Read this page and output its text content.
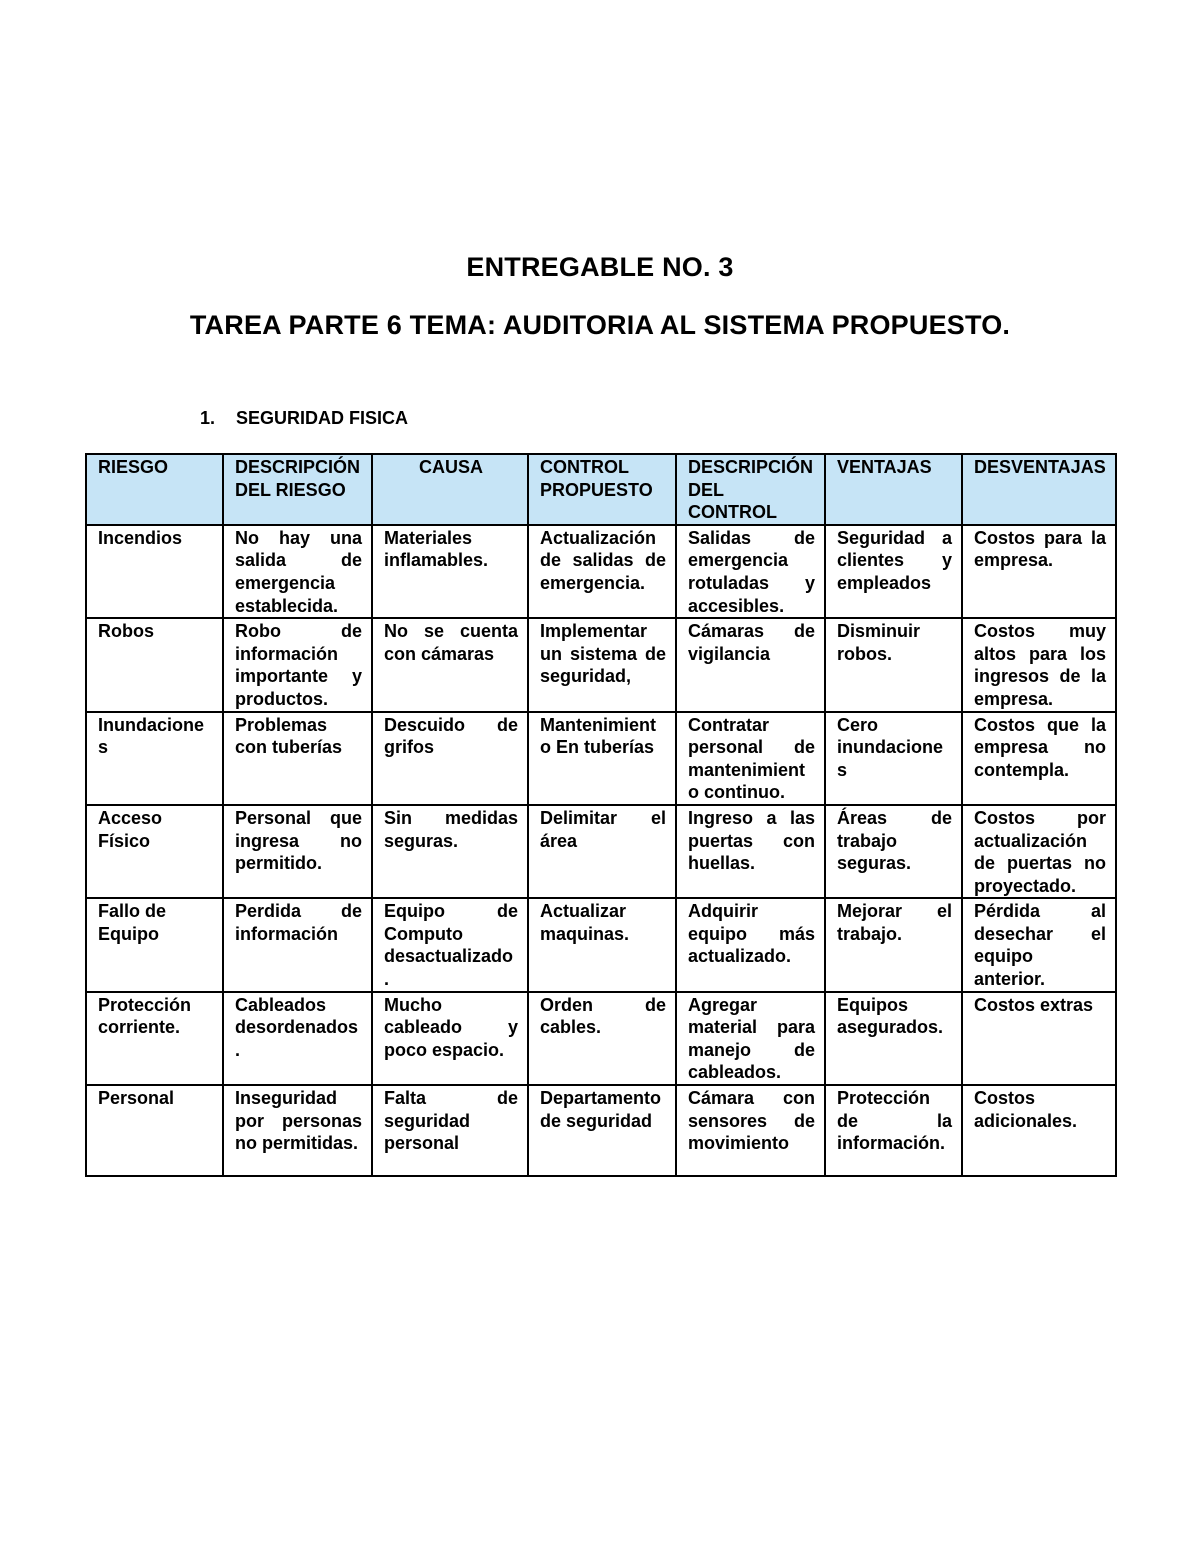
ENTREGABLE NO. 3
TAREA PARTE 6 TEMA: AUDITORIA AL SISTEMA PROPUESTO.
1.	SEGURIDAD FISICA
RIESGO	DESCRIPCIÓN DEL RIESGO	CAUSA	CONTROL PROPUESTO	DESCRIPCIÓN DEL CONTROL	VENTAJAS	DESVENTAJAS
Incendios	No hay una salida de emergencia establecida.	Materiales inflamables.	Actualización de salidas de emergencia.	Salidas de emergencia rotuladas y accesibles.	Seguridad a clientes y empleados	Costos para la empresa.
Robos	Robo de información importante y productos.	No se cuenta con cámaras	Implementar un sistema de seguridad,	Cámaras de vigilancia	Disminuir robos.	Costos muy altos para los ingresos de la empresa.
Inundaciones	Problemas con tuberías	Descuido de grifos	Mantenimiento En tuberías	Contratar personal de mantenimiento continuo.	Cero inundaciones	Costos que la empresa no contempla.
Acceso Físico	Personal que ingresa no permitido.	Sin medidas seguras.	Delimitar el área	Ingreso a las puertas con huellas.	Áreas de trabajo seguras.	Costos por actualización de puertas no proyectado.
Fallo de Equipo	Perdida de información	Equipo de Computo desactualizado.	Actualizar maquinas.	Adquirir equipo más actualizado.	Mejorar el trabajo.	Pérdida al desechar el equipo anterior.
Protección corriente.	Cableados desordenados.	Mucho cableado y poco espacio.	Orden de cables.	Agregar material para manejo de cableados.	Equipos asegurados.	Costos extras
Personal	Inseguridad por personas no permitidas.	Falta de seguridad personal	Departamento de seguridad	Cámara con sensores de movimiento	Protección de la información.	Costos adicionales.
